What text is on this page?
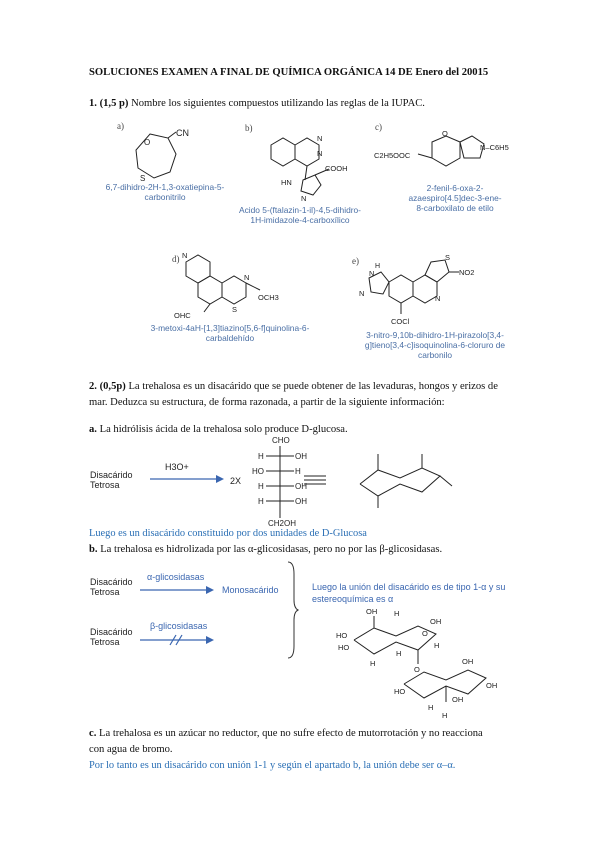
SOLUCIONES EXAMEN A FINAL DE QUÍMICA ORGÁNICA 14 DE Enero del 20015
1. (1,5 p) Nombre los siguientes compuestos utilizando las reglas de la IUPAC.
a)
CN
O
S
6,7-dihidro-2H-1,3-oxatiepina-5-
carbonitrilo
b)
N
N
COOH
HN
N
Acido 5-(ftalazin-1-il)-4,5-dihidro-
1H-imidazole-4-carboxílico
c)
O
N–C6H5
C2H5OOC
2-fenil-6-oxa-2-
azaespiro[4.5]dec-3-ene-
8-carboxilato de etilo
d) N
N
OCH3
S
OHC
3-metoxi-4aH-[1,3]tiazino[5,6-f]quinolina-6-
carbaldehído
e)
H
N
N
S
NO2
N
COCl
3-nitro-9,10b-dihidro-1H-pirazolo[3,4-
g]tieno[3,4-c]isoquinolina-6-cloruro de
carbonilo
2. (0,5p) La trehalosa es un disacárido que se puede obtener de las levaduras, hongos y erizos de
mar. Deduzca su estructura, de forma razonada, a partir de la siguiente información:
a. La hidrólisis ácida de la trehalosa solo produce D-glucosa.
Disacárido
Tetrosa
H3O+
2X
CHO
H	OH
HO	H
H	OH
H	OH
CH2OH
Luego es un disacárido constituido por dos unidades de D-Glucosa
b. La trehalosa es hidrolizada por las α-glicosidasas, pero no por las β-glicosidasas.
Disacárido
Tetrosa
α-glicosidasas
Monosacárido
Disacárido
Tetrosa
β-glicosidasas
Luego la unión del disacárido es de tipo 1-α y su
estereoquímica es α
OH
HO
HO
H
OH
H
H
O
H
O
OH
HO
OH
H
OH
H
c. La trehalosa es un azúcar no reductor, que no sufre efecto de mutorrotación y no reacciona
con agua de bromo.
Por lo tanto es un disacárido con unión 1-1 y según el apartado b, la unión debe ser α–α.
